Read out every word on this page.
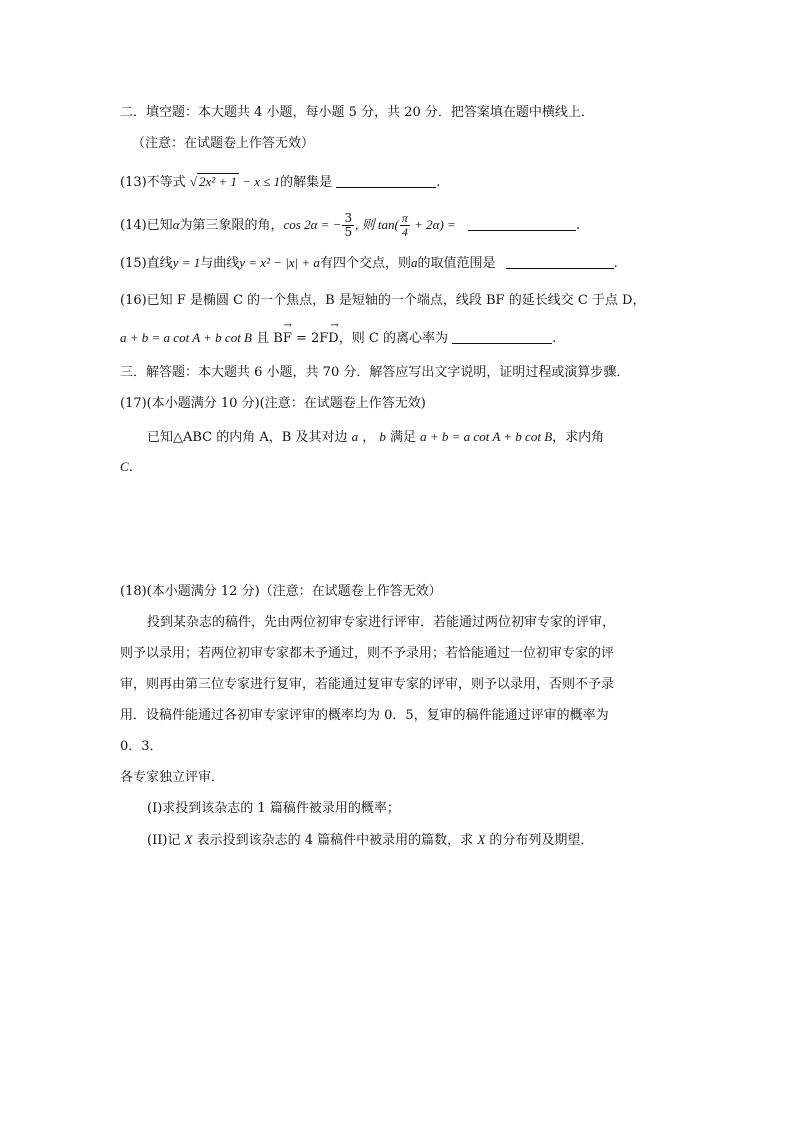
二．填空题：本大题共 4 小题，每小题 5 分，共 20 分．把答案填在题中横线上．
（注意：在试题卷上作答无效）
(13)不等式 √ 2x² + 1 − x ≤ 1的解集是	.
(14)已知α为第三象限的角，cos 2α = − $\frac{3}{5}$ , 则 $\tan( \frac{\pi}{4} + 2\alpha)$ =	.
(15)直线y = 1与曲线y = x² − |x| + a有四个交点，则a的取值范围是	.
(16)已知 F 是椭圆 C 的一个焦点，B 是短轴的一个端点，线段 BF 的延长线交 C 于点 D，
a + b = a cot A + b cot B 且
→
BF = 2
→
FD，则 C 的离心率为	.
三．解答题：本大题共 6 小题，共 70 分．解答应写出文字说明，证明过程或演算步骤．
(17)(本小题满分 10 分)(注意：在试题卷上作答无效)
已知△ABC 的内角 A，B 及其对边 a ， b 满足 a + b = a cot A + b cot B，求内角
C．
(18)(本小题满分 12 分)（注意：在试题卷上作答无效）
投到某杂志的稿件，先由两位初审专家进行评审．若能通过两位初审专家的评审，
则予以录用；若两位初审专家都未予通过，则不予录用；若恰能通过一位初审专家的评
审，则再由第三位专家进行复审，若能通过复审专家的评审，则予以录用，否则不予录
用．设稿件能通过各初审专家评审的概率均为 0．5，复审的稿件能通过评审的概率为
0．3．
各专家独立评审．
(I)求投到该杂志的 1 篇稿件被录用的概率；
(II)记 X 表示投到该杂志的 4 篇稿件中被录用的篇数，求 X 的分布列及期望．
